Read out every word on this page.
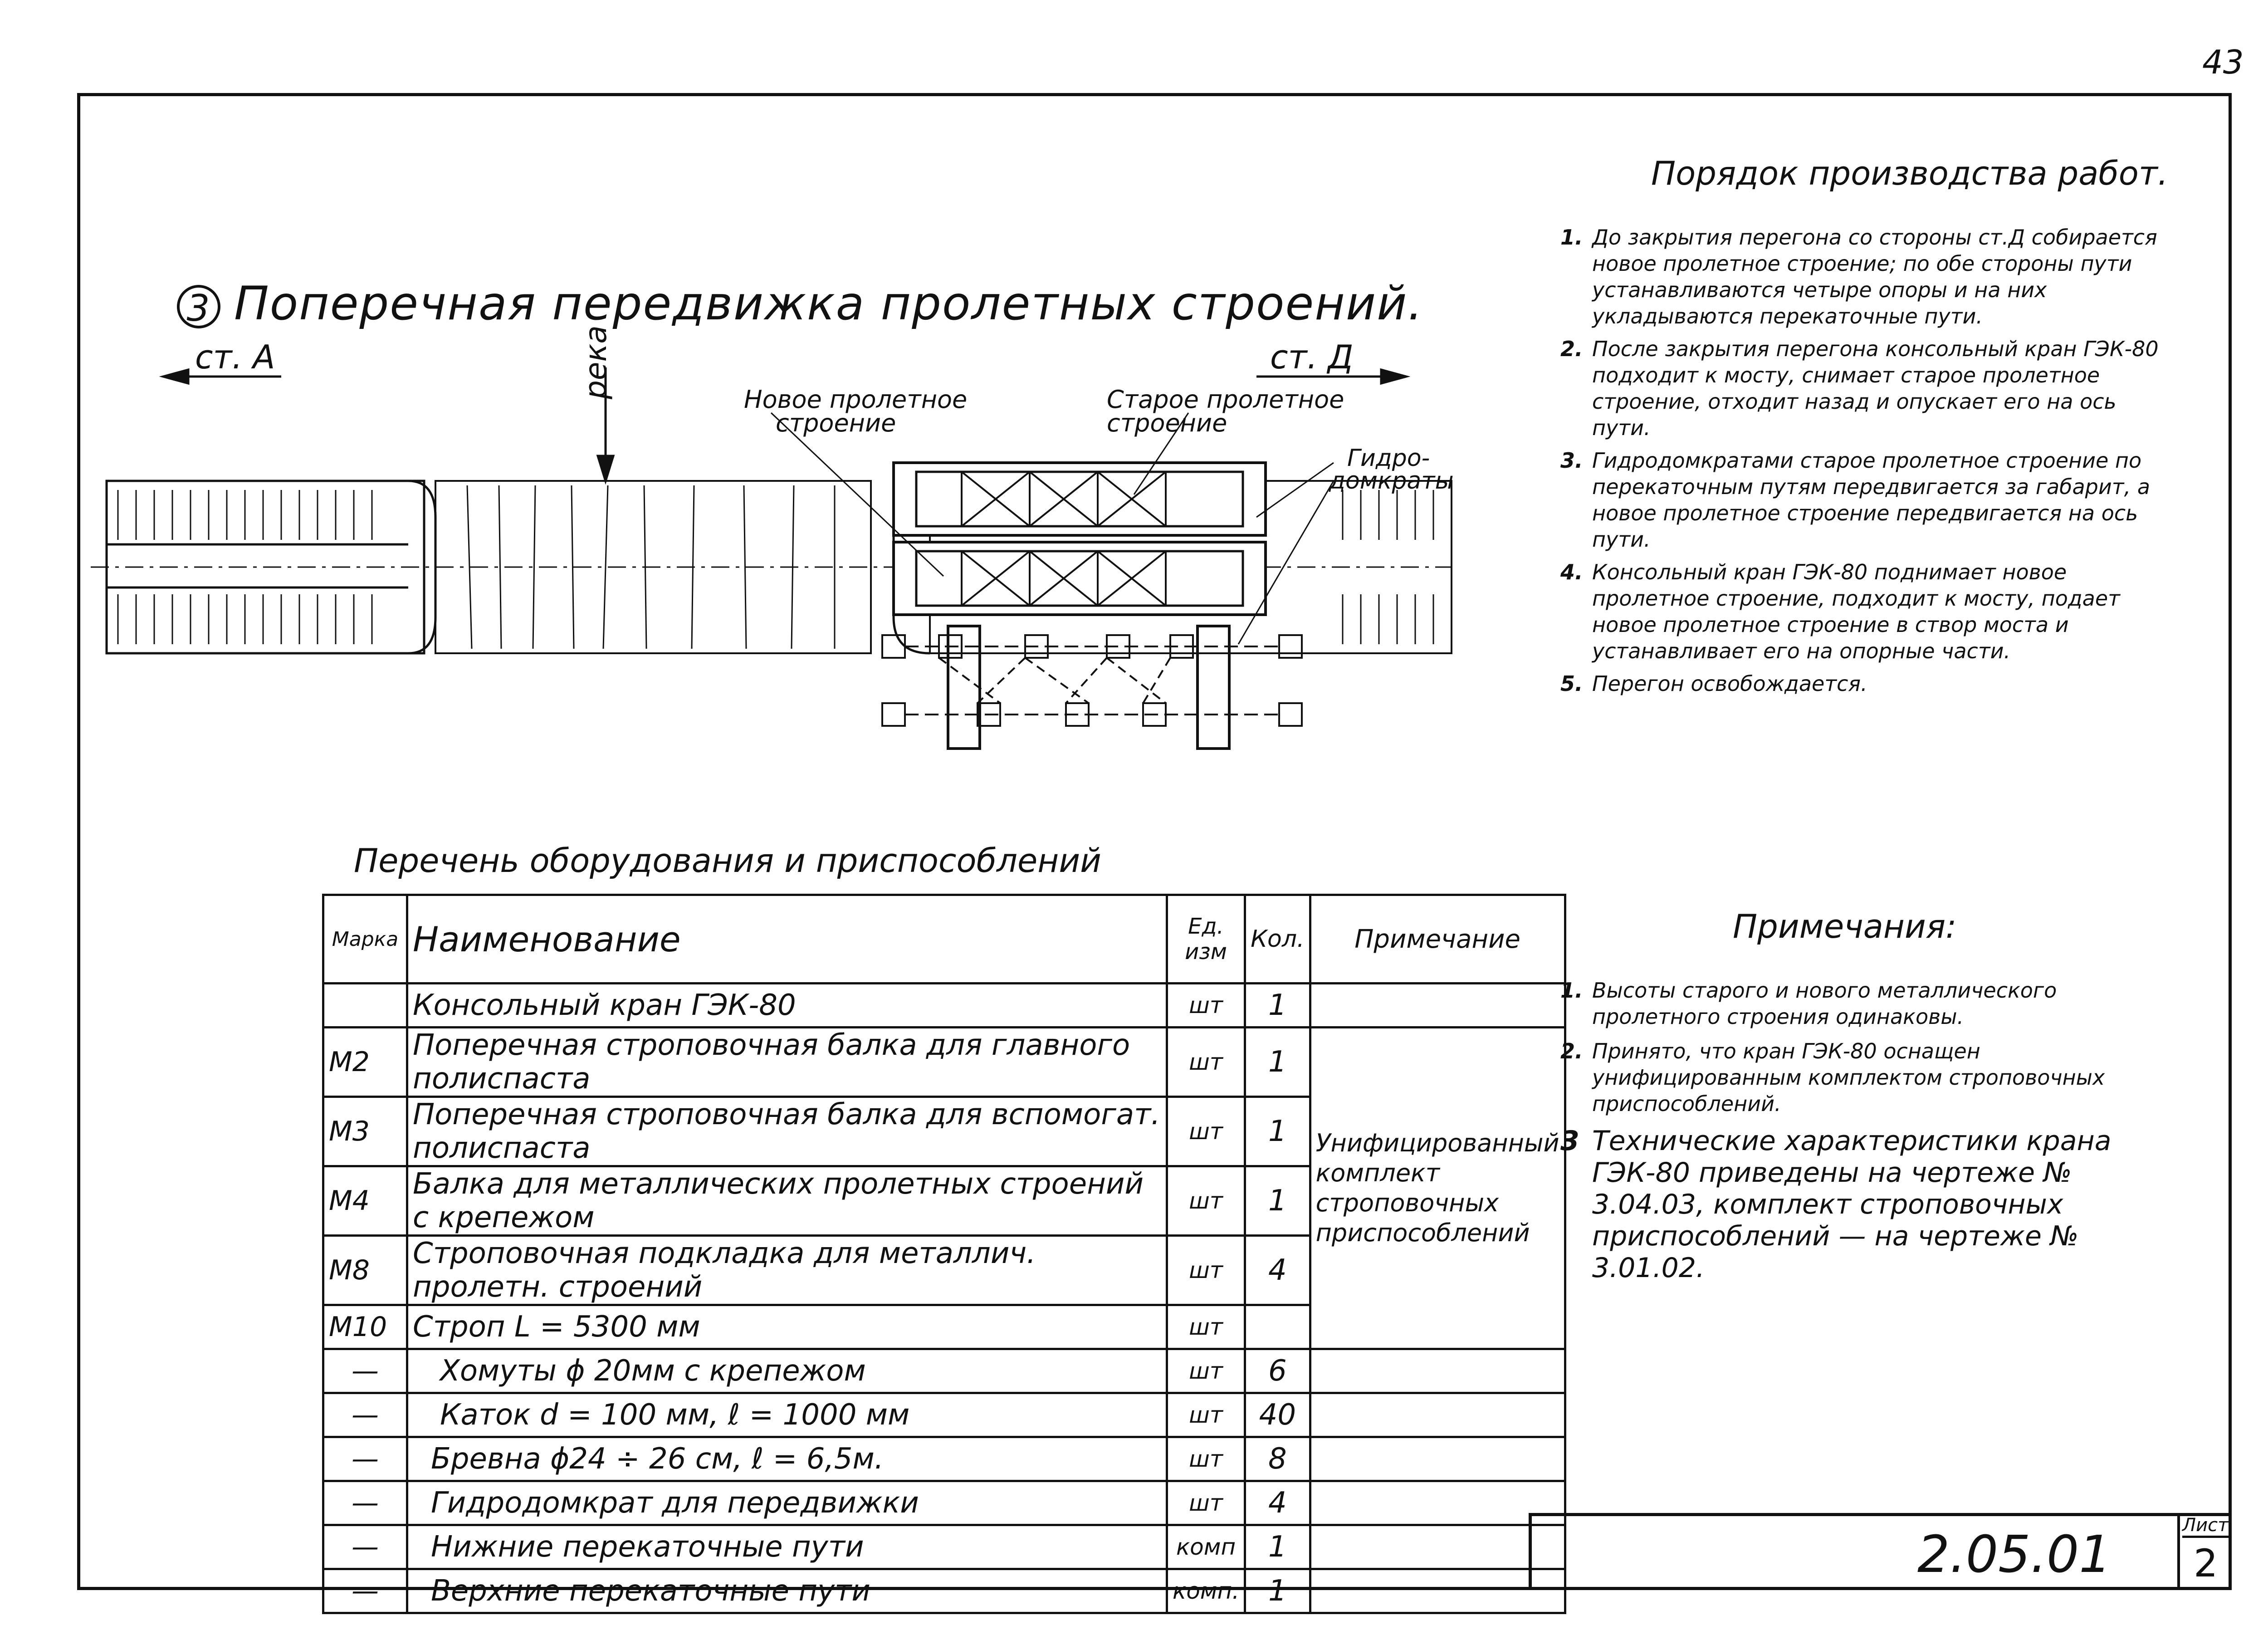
43
3 Поперечная передвижка пролетных строений.
ст. А	ст. Д
река
Новое пролетное
строение
Старое пролетное
строение
Гидро-
домкраты
Порядок производства работ.
1. До закрытия перегона со стороны ст.Д собирается новое пролетное строение; по обе стороны пути устанавливаются четыре опоры и на них укладываются перекаточные пути.
2. После закрытия перегона консольный кран ГЭК-80 подходит к мосту, снимает старое пролетное строение, отходит назад и опускает его на ось пути.
3. Гидродомкратами старое пролетное строение по перекаточным путям передвигается за габарит, а новое пролетное строение передвигается на ось пути.
4. Консольный кран ГЭК-80 поднимает новое пролетное строение, подходит к мосту, подает новое пролетное строение в створ моста и устанавливает его на опорные части.
5. Перегон освобождается.
Примечания:
1. Высоты старого и нового металлического пролетного строения одинаковы.
2. Принято, что кран ГЭК-80 оснащен унифицированным комплектом строповочных приспособлений.
3 Технические характеристики крана ГЭК-80 приведены на чертеже № 3.04.03, комплект строповочных приспособлений — на чертеже № 3.01.02.
Перечень оборудования и приспособлений
Марка	Наименование	Ед. изм	Кол.	Примечание
	Консольный кран ГЭК-80	шт	1	
М2	Поперечная строповочная балка для главного полиспаста	шт	1	Унифицированный комплект строповочных приспособлений
М3	Поперечная строповочная балка для вспомогат. полиспаста	шт	1	
М4	Балка для металлических пролетных строений с крепежом	шт	1	
М8	Строповочная подкладка для металлич. пролетн. строений	шт	4	
М10	Строп L = 5300 мм	шт		
—	Хомуты ϕ 20мм с крепежом	шт	6	
—	Каток d = 100 мм, ℓ = 1000 мм	шт	40	
—	Бревна ϕ24 ÷ 26 см, ℓ = 6,5м.	шт	8	
—	Гидродомкрат для передвижки	шт	4	
—	Нижние перекаточные пути	комп	1	
—	Верхние перекаточные пути	комп.	1	
2.05.01	Лист
2
